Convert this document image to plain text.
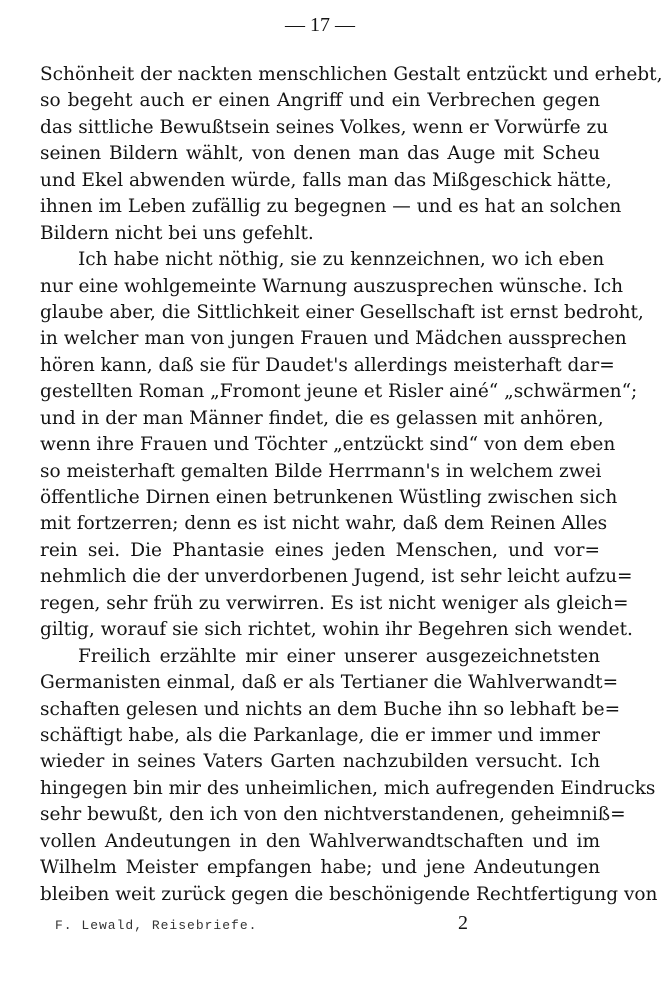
— 17 —
Schönheit der nackten menschlichen Gestalt entzückt und erhebt,
so begeht auch er einen Angriff und ein Verbrechen gegen
das sittliche Bewußtsein seines Volkes, wenn er Vorwürfe zu
seinen Bildern wählt, von denen man das Auge mit Scheu
und Ekel abwenden würde, falls man das Mißgeschick hätte,
ihnen im Leben zufällig zu begegnen — und es hat an solchen
Bildern nicht bei uns gefehlt.
Ich habe nicht nöthig, sie zu kennzeichnen, wo ich eben
nur eine wohlgemeinte Warnung auszusprechen wünsche. Ich
glaube aber, die Sittlichkeit einer Gesellschaft ist ernst bedroht,
in welcher man von jungen Frauen und Mädchen aussprechen
hören kann, daß sie für Daudet's allerdings meisterhaft dar=
gestellten Roman „Fromont jeune et Risler ainé“ „schwärmen“;
und in der man Männer findet, die es gelassen mit anhören,
wenn ihre Frauen und Töchter „entzückt sind“ von dem eben
so meisterhaft gemalten Bilde Herrmann's in welchem zwei
öffentliche Dirnen einen betrunkenen Wüstling zwischen sich
mit fortzerren; denn es ist nicht wahr, daß dem Reinen Alles
rein sei. Die Phantasie eines jeden Menschen, und vor=
nehmlich die der unverdorbenen Jugend, ist sehr leicht aufzu=
regen, sehr früh zu verwirren. Es ist nicht weniger als gleich=
giltig, worauf sie sich richtet, wohin ihr Begehren sich wendet.
Freilich erzählte mir einer unserer ausgezeichnetsten
Germanisten einmal, daß er als Tertianer die Wahlverwandt=
schaften gelesen und nichts an dem Buche ihn so lebhaft be=
schäftigt habe, als die Parkanlage, die er immer und immer
wieder in seines Vaters Garten nachzubilden versucht. Ich
hingegen bin mir des unheimlichen, mich aufregenden Eindrucks
sehr bewußt, den ich von den nichtverstandenen, geheimniß=
vollen Andeutungen in den Wahlverwandtschaften und im
Wilhelm Meister empfangen habe; und jene Andeutungen
bleiben weit zurück gegen die beschönigende Rechtfertigung von
F. Lewald, Reisebriefe.	2
